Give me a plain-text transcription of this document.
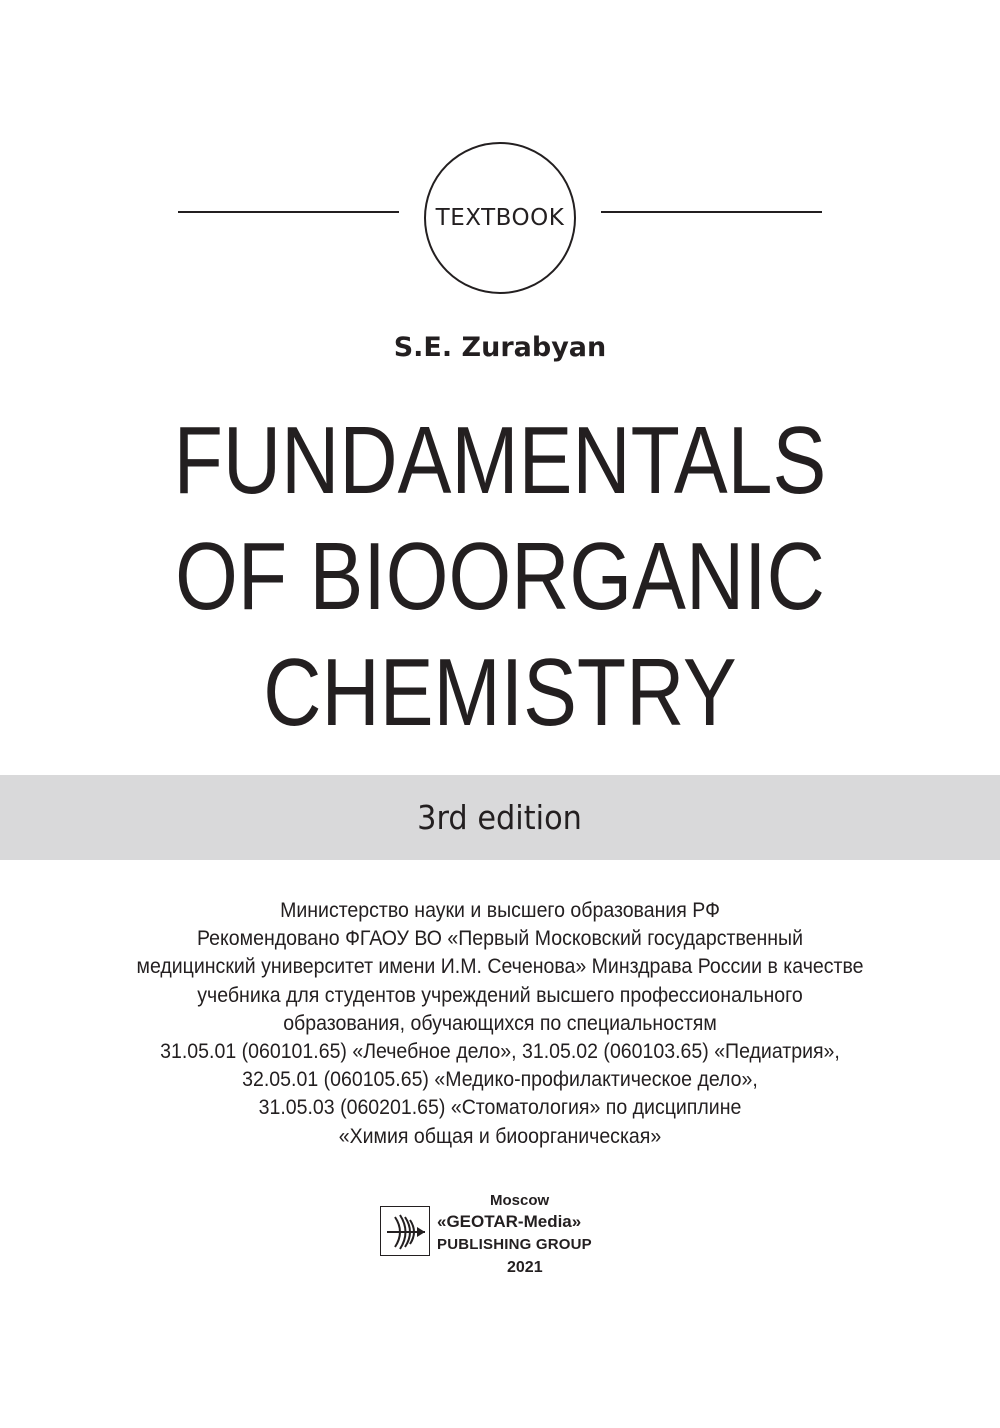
TEXTBOOK
S.E. Zurabyan
FUNDAMENTALS
OF BIOORGANIC
CHEMISTRY
3rd edition
Министерство науки и высшего образования РФ
Рекомендовано ФГАОУ ВО «Первый Московский государственный
медицинский университет имени И.М. Сеченова» Минздрава России в качестве
учебника для студентов учреждений высшего профессионального
образования, обучающихся по специальностям
31.05.01 (060101.65) «Лечебное дело», 31.05.02 (060103.65) «Педиатрия»,
32.05.01 (060105.65) «Медико-профилактическое дело»,
31.05.03 (060201.65) «Стоматология» по дисциплине
«Химия общая и биоорганическая»
Moscow
«GEOTAR-Media»
PUBLISHING GROUP
2021
